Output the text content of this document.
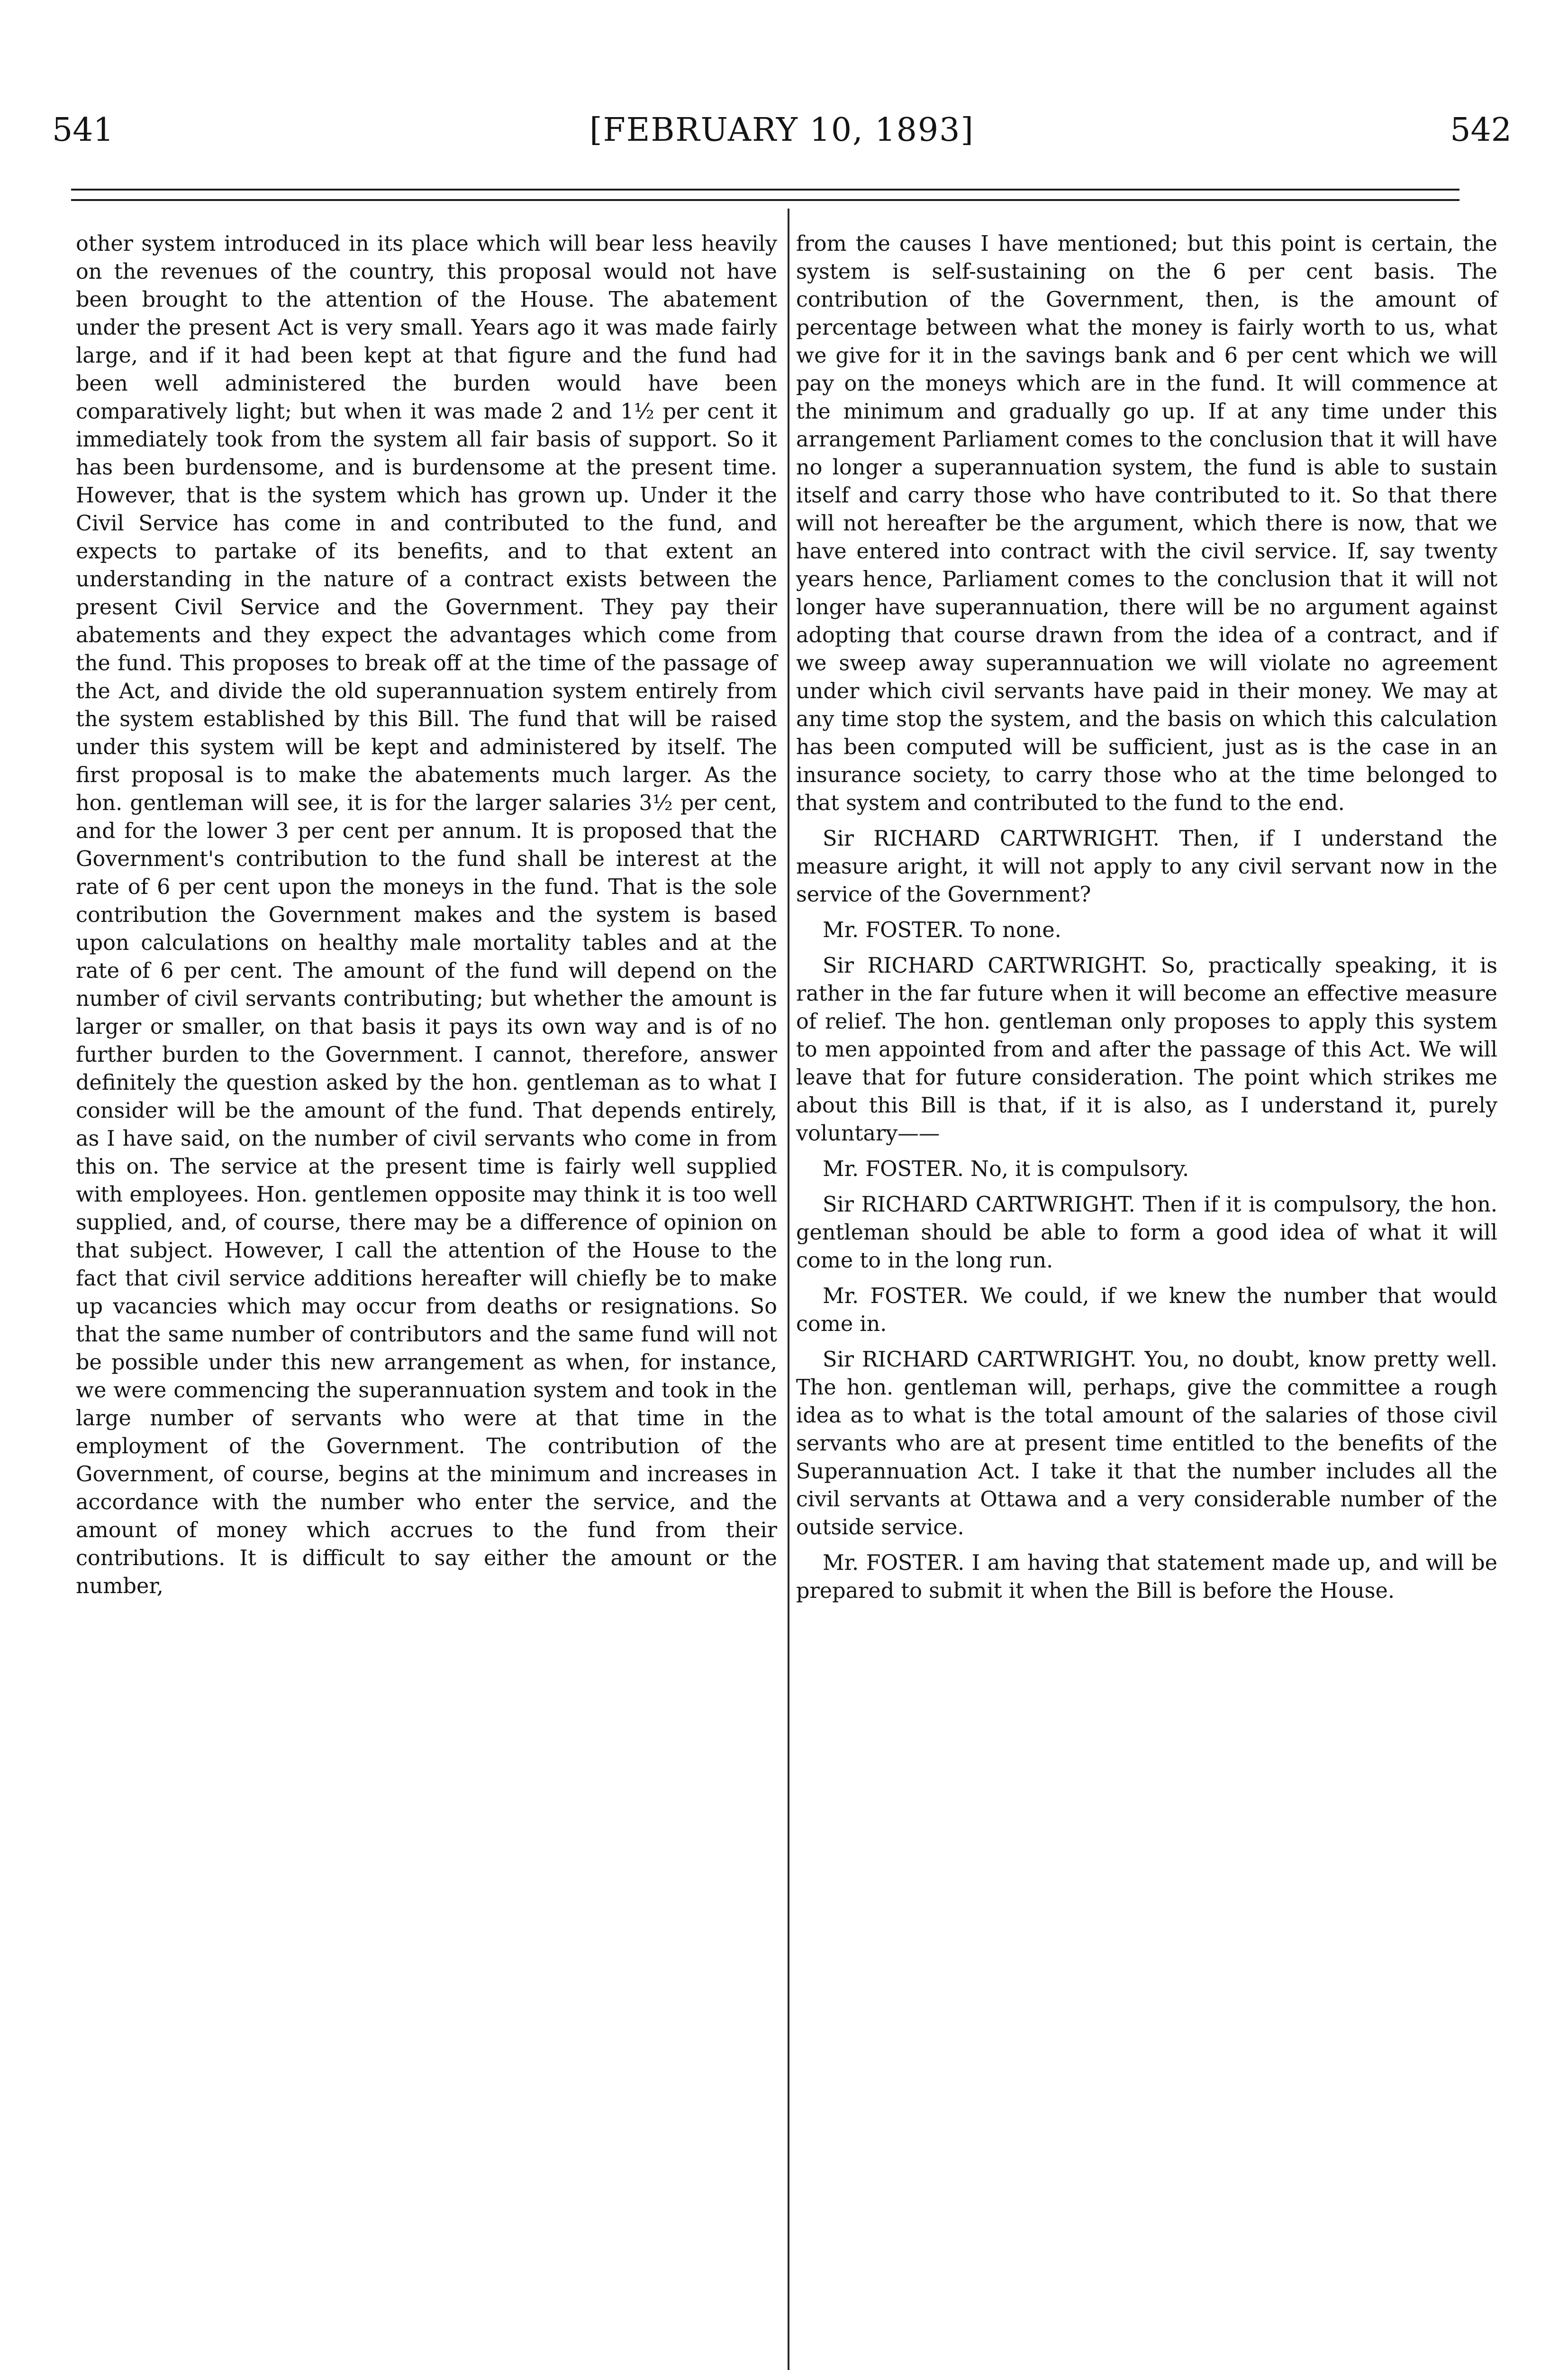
541	[FEBRUARY 10, 1893]	542

other system introduced in its place which will bear less heavily on the revenues of the country, this proposal would not have been brought to the attention of the House. The abatement under the present Act is very small. Years ago it was made fairly large, and if it had been kept at that figure and the fund had been well administered the burden would have been comparatively light; but when it was made 2 and 1½ per cent it immediately took from the system all fair basis of support. So it has been burdensome, and is burdensome at the present time. However, that is the system which has grown up. Under it the Civil Service has come in and contributed to the fund, and expects to partake of its benefits, and to that extent an understanding in the nature of a contract exists between the present Civil Service and the Government. They pay their abatements and they expect the advantages which come from the fund. This proposes to break off at the time of the passage of the Act, and divide the old superannuation system entirely from the system established by this Bill. The fund that will be raised under this system will be kept and administered by itself. The first proposal is to make the abatements much larger. As the hon. gentleman will see, it is for the larger salaries 3½ per cent, and for the lower 3 per cent per annum. It is proposed that the Government's contribution to the fund shall be interest at the rate of 6 per cent upon the moneys in the fund. That is the sole contribution the Government makes and the system is based upon calculations on healthy male mortality tables and at the rate of 6 per cent. The amount of the fund will depend on the number of civil servants contributing; but whether the amount is larger or smaller, on that basis it pays its own way and is of no further burden to the Government. I cannot, therefore, answer definitely the question asked by the hon. gentleman as to what I consider will be the amount of the fund. That depends entirely, as I have said, on the number of civil servants who come in from this on. The service at the present time is fairly well supplied with employees. Hon. gentlemen opposite may think it is too well supplied, and, of course, there may be a difference of opinion on that subject. However, I call the attention of the House to the fact that civil service additions hereafter will chiefly be to make up vacancies which may occur from deaths or resignations. So that the same number of contributors and the same fund will not be possible under this new arrangement as when, for instance, we were commencing the superannuation system and took in the large number of servants who were at that time in the employment of the Government. The contribution of the Government, of course, begins at the minimum and increases in accordance with the number who enter the service, and the amount of money which accrues to the fund from their contributions. It is difficult to say either the amount or the number,

from the causes I have mentioned; but this point is certain, the system is self-sustaining on the 6 per cent basis. The contribution of the Government, then, is the amount of percentage between what the money is fairly worth to us, what we give for it in the savings bank and 6 per cent which we will pay on the moneys which are in the fund. It will commence at the minimum and gradually go up. If at any time under this arrangement Parliament comes to the conclusion that it will have no longer a superannuation system, the fund is able to sustain itself and carry those who have contributed to it. So that there will not hereafter be the argument, which there is now, that we have entered into contract with the civil service. If, say twenty years hence, Parliament comes to the conclusion that it will not longer have superannuation, there will be no argument against adopting that course drawn from the idea of a contract, and if we sweep away superannuation we will violate no agreement under which civil servants have paid in their money. We may at any time stop the system, and the basis on which this calculation has been computed will be sufficient, just as is the case in an insurance society, to carry those who at the time belonged to that system and contributed to the fund to the end.

Sir RICHARD CARTWRIGHT. Then, if I understand the measure aright, it will not apply to any civil servant now in the service of the Government?

Mr. FOSTER. To none.

Sir RICHARD CARTWRIGHT. So, practically speaking, it is rather in the far future when it will become an effective measure of relief. The hon. gentleman only proposes to apply this system to men appointed from and after the passage of this Act. We will leave that for future consideration. The point which strikes me about this Bill is that, if it is also, as I understand it, purely voluntary——

Mr. FOSTER. No, it is compulsory.

Sir RICHARD CARTWRIGHT. Then if it is compulsory, the hon. gentleman should be able to form a good idea of what it will come to in the long run.

Mr. FOSTER. We could, if we knew the number that would come in.

Sir RICHARD CARTWRIGHT. You, no doubt, know pretty well. The hon. gentleman will, perhaps, give the committee a rough idea as to what is the total amount of the salaries of those civil servants who are at present time entitled to the benefits of the Superannuation Act. I take it that the number includes all the civil servants at Ottawa and a very considerable number of the outside service.

Mr. FOSTER. I am having that statement made up, and will be prepared to submit it when the Bill is before the House.
